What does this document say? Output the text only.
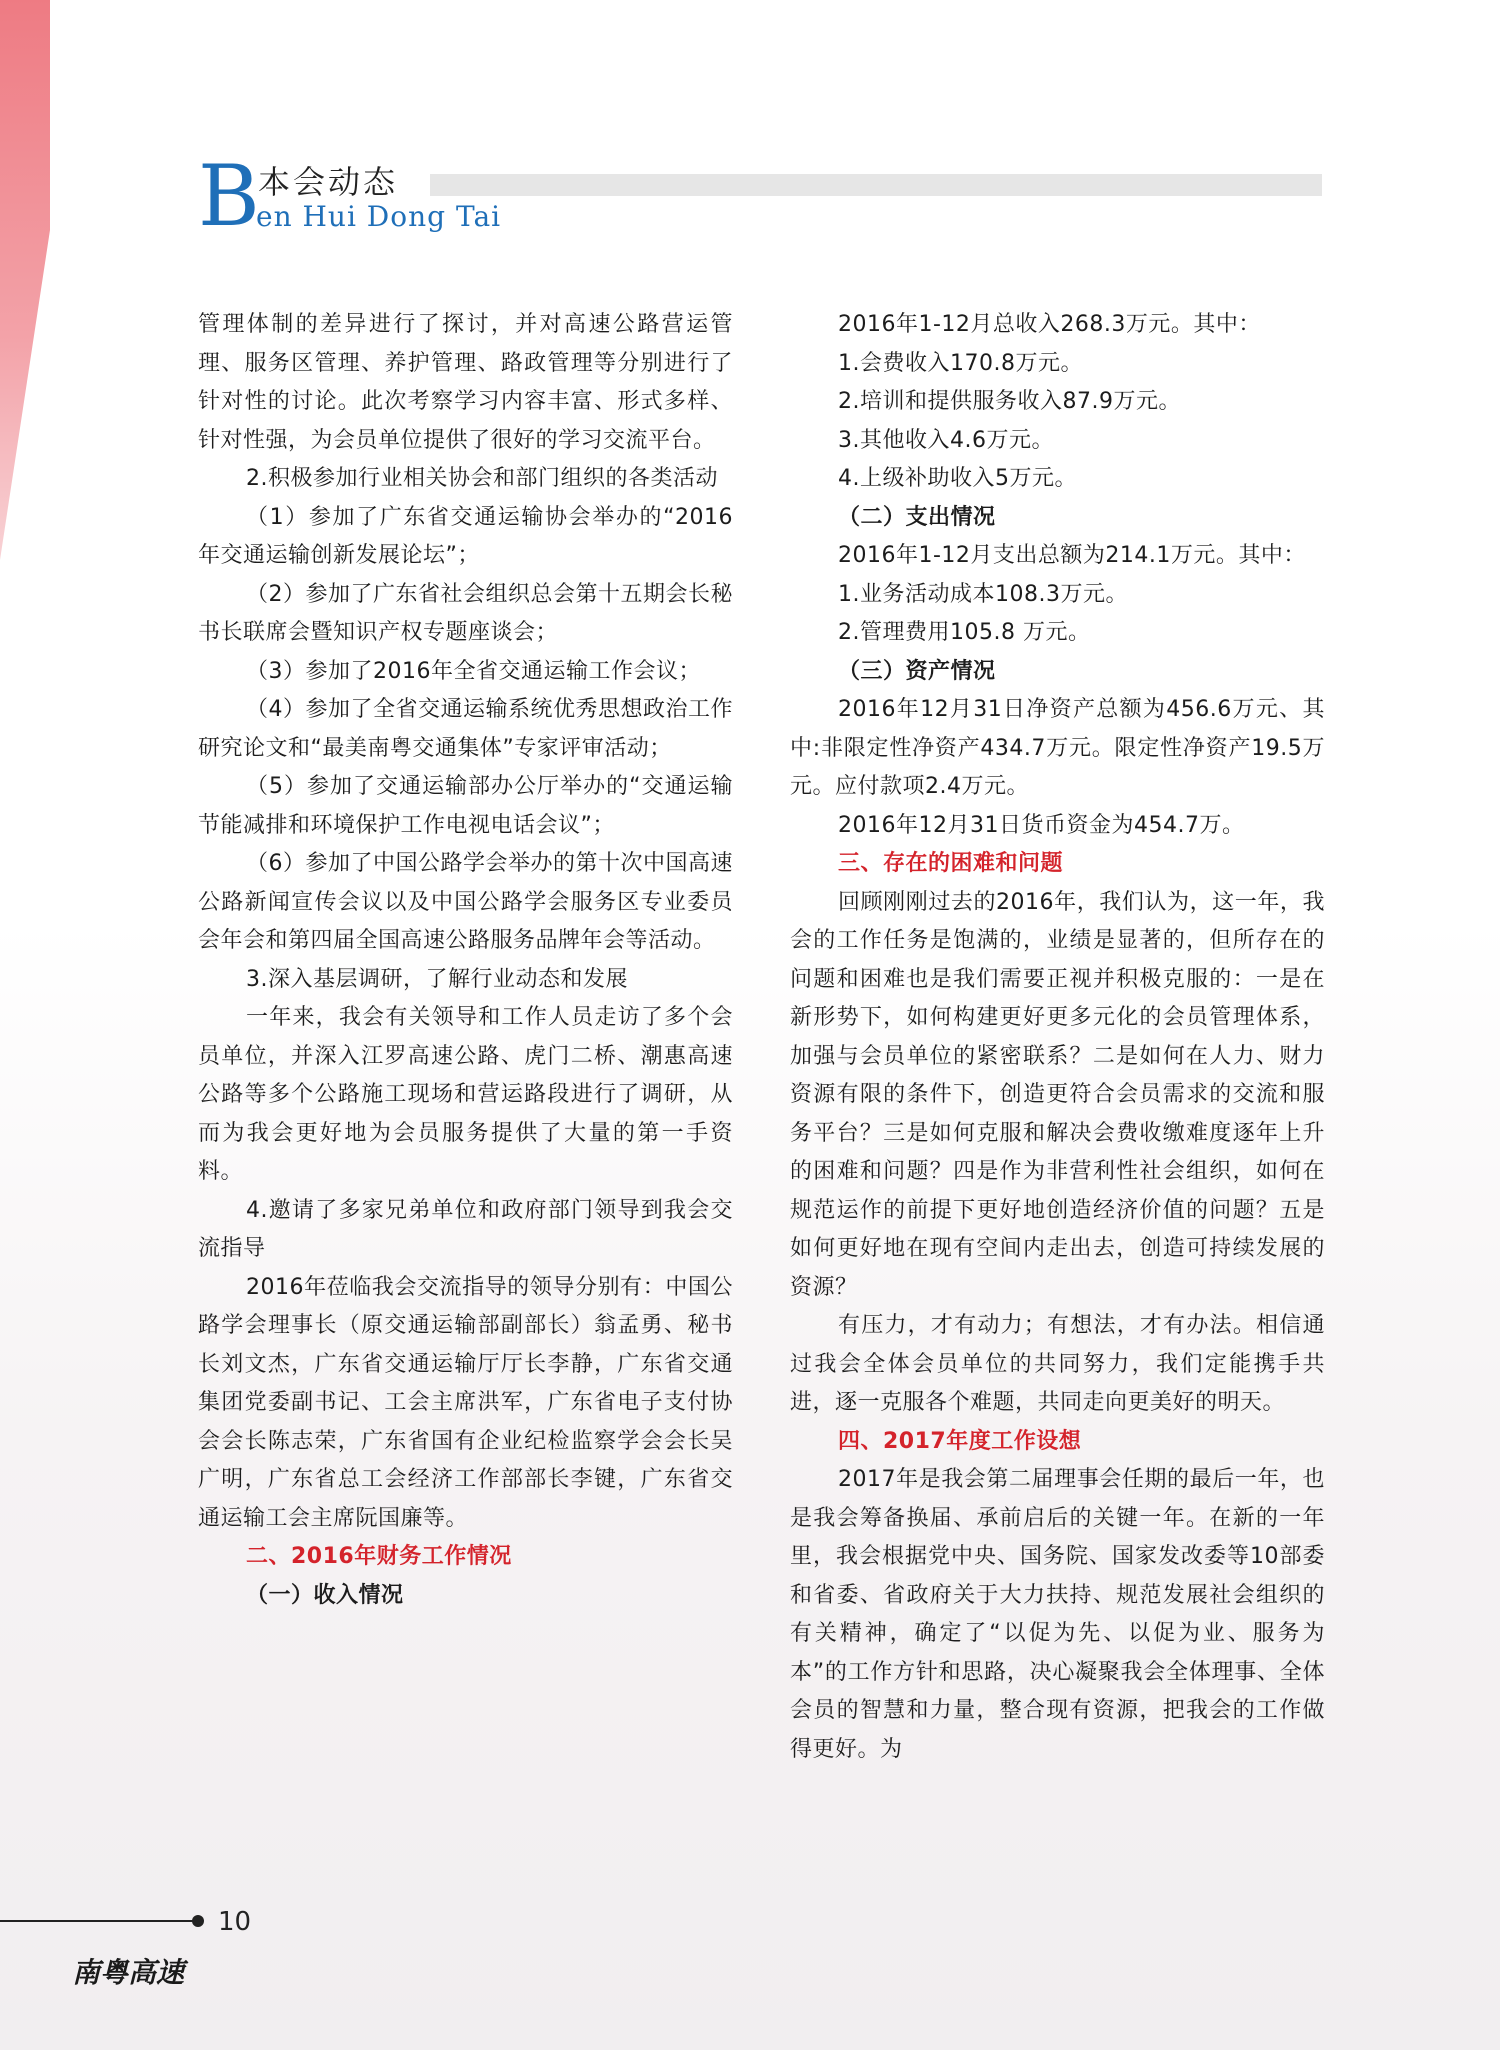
B
本会动态
en Hui Dong Tai

管理体制的差异进行了探讨，并对高速公路营运管理、服务区管理、养护管理、路政管理等分别进行了针对性的讨论。此次考察学习内容丰富、形式多样、针对性强，为会员单位提供了很好的学习交流平台。

2.积极参加行业相关协会和部门组织的各类活动

（1）参加了广东省交通运输协会举办的“2016年交通运输创新发展论坛”；

（2）参加了广东省社会组织总会第十五期会长秘书长联席会暨知识产权专题座谈会；

（3）参加了2016年全省交通运输工作会议；

（4）参加了全省交通运输系统优秀思想政治工作研究论文和“最美南粤交通集体”专家评审活动；

（5）参加了交通运输部办公厅举办的“交通运输节能减排和环境保护工作电视电话会议”；

（6）参加了中国公路学会举办的第十次中国高速公路新闻宣传会议以及中国公路学会服务区专业委员会年会和第四届全国高速公路服务品牌年会等活动。

3.深入基层调研，了解行业动态和发展

一年来，我会有关领导和工作人员走访了多个会员单位，并深入江罗高速公路、虎门二桥、潮惠高速公路等多个公路施工现场和营运路段进行了调研，从而为我会更好地为会员服务提供了大量的第一手资料。

4.邀请了多家兄弟单位和政府部门领导到我会交流指导

2016年莅临我会交流指导的领导分别有：中国公路学会理事长（原交通运输部副部长）翁孟勇、秘书长刘文杰，广东省交通运输厅厅长李静，广东省交通集团党委副书记、工会主席洪军，广东省电子支付协会会长陈志荣，广东省国有企业纪检监察学会会长吴广明，广东省总工会经济工作部部长李键，广东省交通运输工会主席阮国廉等。

二、2016年财务工作情况

（一）收入情况

2016年1-12月总收入268.3万元。其中：

1.会费收入170.8万元。

2.培训和提供服务收入87.9万元。

3.其他收入4.6万元。

4.上级补助收入5万元。

（二）支出情况

2016年1-12月支出总额为214.1万元。其中：

1.业务活动成本108.3万元。

2.管理费用105.8 万元。

（三）资产情况

2016年12月31日净资产总额为456.6万元、其中:非限定性净资产434.7万元。限定性净资产19.5万元。应付款项2.4万元。

2016年12月31日货币资金为454.7万。

三、存在的困难和问题

回顾刚刚过去的2016年，我们认为，这一年，我会的工作任务是饱满的，业绩是显著的，但所存在的问题和困难也是我们需要正视并积极克服的：一是在新形势下，如何构建更好更多元化的会员管理体系，加强与会员单位的紧密联系？二是如何在人力、财力资源有限的条件下，创造更符合会员需求的交流和服务平台？三是如何克服和解决会费收缴难度逐年上升的困难和问题？四是作为非营利性社会组织，如何在规范运作的前提下更好地创造经济价值的问题？五是如何更好地在现有空间内走出去，创造可持续发展的资源？

有压力，才有动力；有想法，才有办法。相信通过我会全体会员单位的共同努力，我们定能携手共进，逐一克服各个难题，共同走向更美好的明天。

四、2017年度工作设想

2017年是我会第二届理事会任期的最后一年，也是我会筹备换届、承前启后的关键一年。在新的一年里，我会根据党中央、国务院、国家发改委等10部委和省委、省政府关于大力扶持、规范发展社会组织的有关精神，确定了“以促为先、以促为业、服务为本”的工作方针和思路，决心凝聚我会全体理事、全体会员的智慧和力量，整合现有资源，把我会的工作做得更好。为

10
南粤高速
